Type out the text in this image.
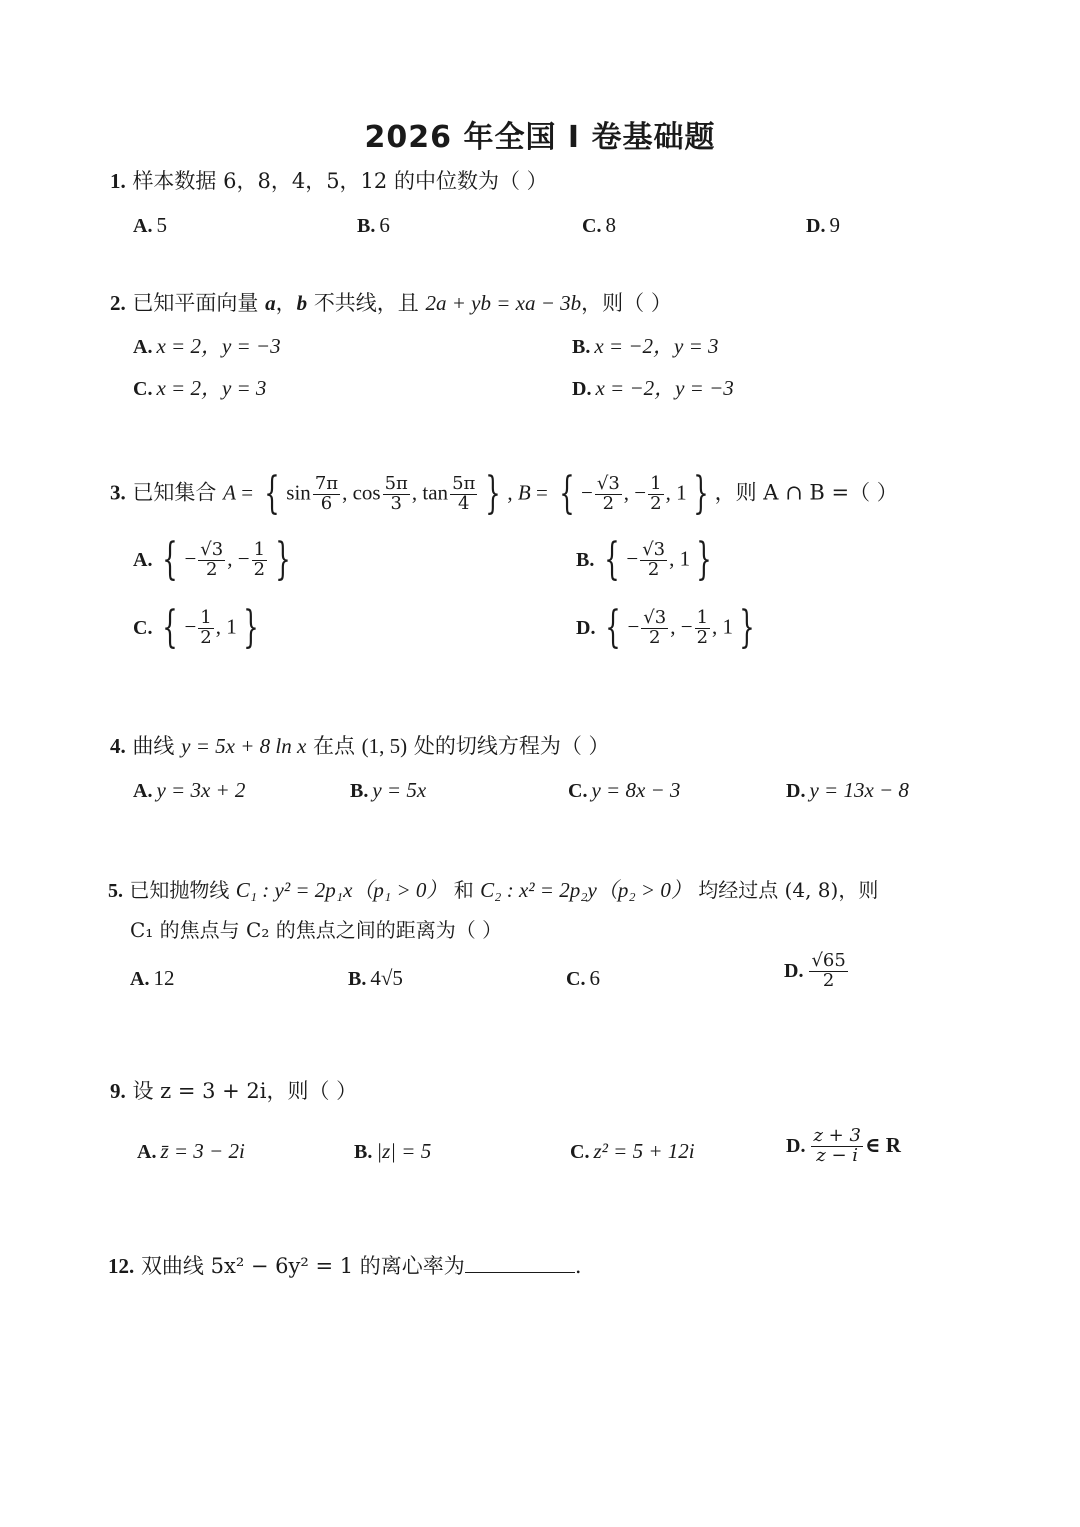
2026 年全国 I 卷基础题
1. 样本数据 6，8，4，5，12 的中位数为（ ）
A. 5	B. 6	C. 8	D. 9
2. 已知平面向量 a，b 不共线，且 2a + yb = xa − 3b，则（ ）
A. x = 2，y = −3	B. x = −2，y = 3
C. x = 2，y = 3	D. x = −2，y = −3
3. 已知集合 A = { $\sin \frac{7\pi}{6}$ , $\cos \frac{5\pi}{3}$ , $\tan \frac{5\pi}{4}$ } , B = { − $\frac{√3}{2}$ , − $\frac{1}{2}$ , 1 } ，则 A ∩ B =（ ）
A. { − $\frac{√3}{2}$ , − $\frac{1}{2}$ }	B. { − $\frac{√3}{2}$ , 1 }
C. { − $\frac{1}{2}$ , 1 }	D. { − $\frac{√3}{2}$ , − $\frac{1}{2}$ , 1 }
4. 曲线 y = 5x + 8 ln x 在点 (1, 5) 处的切线方程为（ ）
A. y = 3x + 2	B. y = 5x	C. y = 8x − 3	D. y = 13x − 8
5. 已知抛物线 C₁ : y² = 2p₁x（p₁ > 0） 和 C₂ : x² = 2p₂y（p₂ > 0） 均经过点 (4, 8)，则
C₁ 的焦点与 C₂ 的焦点之间的距离为（ ）
A. 12	B. 4√5	C. 6	D. $\frac{√65}{2}$
9. 设 z = 3 + 2i，则（ ）
A. z̄ = 3 − 2i	B. |z| = 5	C. z² = 5 + 12i	D. $\frac{z + 3}{z - i}$ ∈ R
12. 双曲线 5x² − 6y² = 1 的离心率为	.
